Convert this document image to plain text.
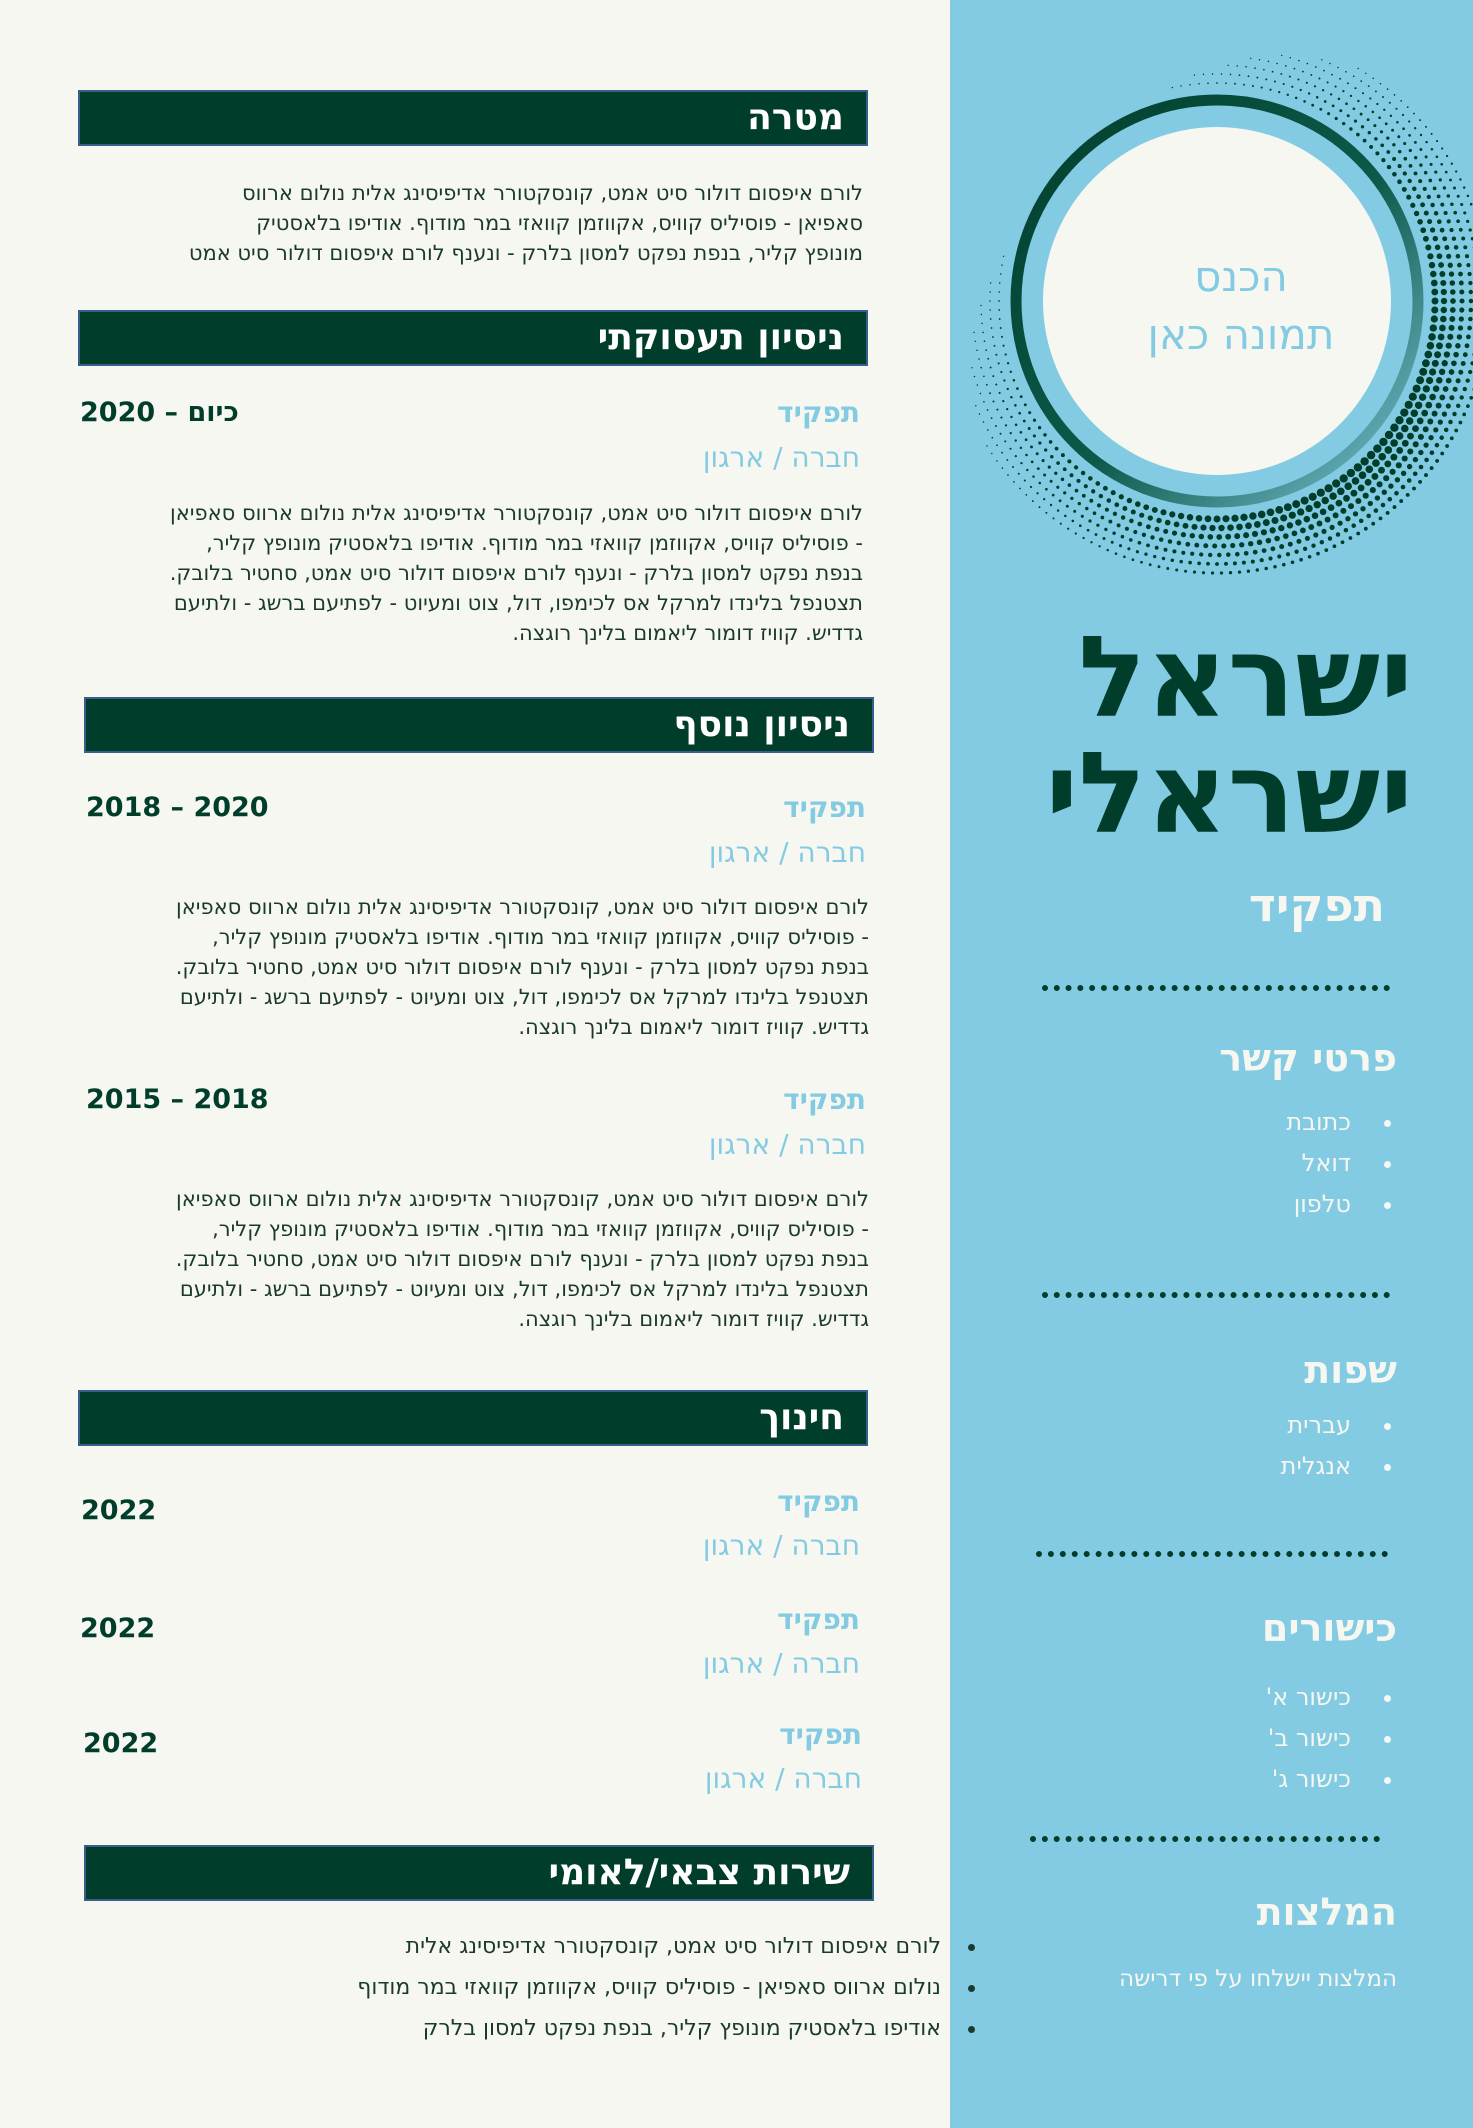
הכנס
תמונה כאן
ישראל
ישראלי
תפקיד
פרטי קשר
כתובת
דואל
טלפון
שפות
עברית
אנגלית
כישורים
כישור א'
כישור ב'
כישור ג'
המלצות
המלצות יישלחו על פי דרישה
מטרה
לורם איפסום דולור סיט אמט, קונסקטורר אדיפיסינג אלית נולום ארווס
סאפיאן - פוסיליס קוויס, אקווזמן קוואזי במר מודוף. אודיפו בלאסטיק
מונופץ קליר, בנפת נפקט למסון בלרק - ונענף לורם איפסום דולור סיט אמט
ניסיון תעסוקתי
תפקיד
2020 – כיום
חברה / ארגון
לורם איפסום דולור סיט אמט, קונסקטורר אדיפיסינג אלית נולום ארווס סאפיאן
- פוסיליס קוויס, אקווזמן קוואזי במר מודוף. אודיפו בלאסטיק מונופץ קליר,
בנפת נפקט למסון בלרק - ונענף לורם איפסום דולור סיט אמט, סחטיר בלובק.
תצטנפל בלינדו למרקל אס לכימפו, דול, צוט ומעיוט - לפתיעם ברשג - ולתיעם
גדדיש. קוויז דומור ליאמום בלינך רוגצה.
ניסיון נוסף
תפקיד
2018 – 2020
חברה / ארגון
לורם איפסום דולור סיט אמט, קונסקטורר אדיפיסינג אלית נולום ארווס סאפיאן
- פוסיליס קוויס, אקווזמן קוואזי במר מודוף. אודיפו בלאסטיק מונופץ קליר,
בנפת נפקט למסון בלרק - ונענף לורם איפסום דולור סיט אמט, סחטיר בלובק.
תצטנפל בלינדו למרקל אס לכימפו, דול, צוט ומעיוט - לפתיעם ברשג - ולתיעם
גדדיש. קוויז דומור ליאמום בלינך רוגצה.
תפקיד
2015 – 2018
חברה / ארגון
לורם איפסום דולור סיט אמט, קונסקטורר אדיפיסינג אלית נולום ארווס סאפיאן
- פוסיליס קוויס, אקווזמן קוואזי במר מודוף. אודיפו בלאסטיק מונופץ קליר,
בנפת נפקט למסון בלרק - ונענף לורם איפסום דולור סיט אמט, סחטיר בלובק.
תצטנפל בלינדו למרקל אס לכימפו, דול, צוט ומעיוט - לפתיעם ברשג - ולתיעם
גדדיש. קוויז דומור ליאמום בלינך רוגצה.
חינוך
תפקיד
2022
חברה / ארגון
תפקיד
2022
חברה / ארגון
תפקיד
2022
חברה / ארגון
שירות צבאי/לאומי
לורם איפסום דולור סיט אמט, קונסקטורר אדיפיסינג אלית
נולום ארווס סאפיאן - פוסיליס קוויס, אקווזמן קוואזי במר מודוף
אודיפו בלאסטיק מונופץ קליר, בנפת נפקט למסון בלרק
